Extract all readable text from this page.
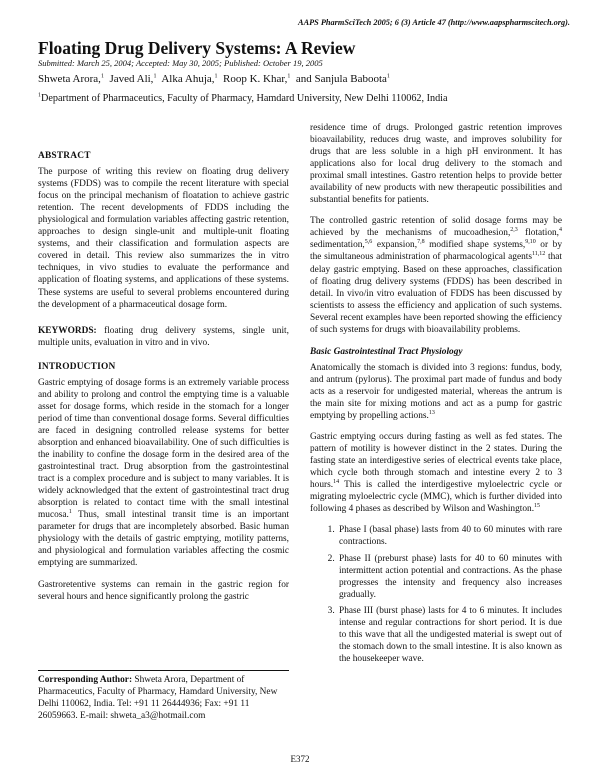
AAPS PharmSciTech 2005; 6 (3) Article 47 (http://www.aapspharmscitech.org).
Floating Drug Delivery Systems: A Review
Submitted: March 25, 2004; Accepted: May 30, 2005; Published: October 19, 2005
Shweta Arora,$^1$ Javed Ali,$^1$ Alka Ahuja,$^1$ Roop K. Khar,$^1$ and Sanjula Baboota$^1$
$^1$Department of Pharmaceutics, Faculty of Pharmacy, Hamdard University, New Delhi 110062, India
ABSTRACT

The purpose of writing this review on floating drug delivery systems (FDDS) was to compile the recent literature with special focus on the principal mechanism of floatation to achieve gastric retention. The recent developments of FDDS including the physiological and formulation variables affecting gastric retention, approaches to design single-unit and multiple-unit floating systems, and their classification and formulation aspects are covered in detail. This review also summarizes the in vitro techniques, in vivo studies to evaluate the performance and application of floating systems, and applications of these systems. These systems are useful to several problems encountered during the development of a pharmaceutical dosage form.

KEYWORDS: floating drug delivery systems, single unit, multiple units, evaluation in vitro and in vivo.

INTRODUCTION

Gastric emptying of dosage forms is an extremely variable process and ability to prolong and control the emptying time is a valuable asset for dosage forms, which reside in the stomach for a longer period of time than conventional dosage forms. Several difficulties are faced in designing controlled release systems for better absorption and enhanced bioavailability. One of such difficulties is the inability to confine the dosage form in the desired area of the gastrointestinal tract. Drug absorption from the gastrointestinal tract is a complex procedure and is subject to many variables. It is widely acknowledged that the extent of gastrointestinal tract drug absorption is related to contact time with the small intestinal mucosa.$^1$ Thus, small intestinal transit time is an important parameter for drugs that are incompletely absorbed. Basic human physiology with the details of gastric emptying, motility patterns, and physiological and formulation variables affecting the cosmic emptying are summarized.

Gastroretentive systems can remain in the gastric region for several hours and hence significantly prolong the gastric

Corresponding Author: Shweta Arora, Department of Pharmaceutics, Faculty of Pharmacy, Hamdard University, New Delhi 110062, India. Tel: +91 11 26444936; Fax: +91 11 26059663. E-mail: shweta_a3@hotmail.com

residence time of drugs. Prolonged gastric retention improves bioavailability, reduces drug waste, and improves solubility for drugs that are less soluble in a high pH environment. It has applications also for local drug delivery to the stomach and proximal small intestines. Gastro retention helps to provide better availability of new products with new therapeutic possibilities and substantial benefits for patients.

The controlled gastric retention of solid dosage forms may be achieved by the mechanisms of mucoadhesion,$^{2,3}$ flotation,$^4$ sedimentation,$^{5,6}$ expansion,$^{7,8}$ modified shape systems,$^{9,10}$ or by the simultaneous administration of pharmacological agents$^{11,12}$ that delay gastric emptying. Based on these approaches, classification of floating drug delivery systems (FDDS) has been described in detail. In vivo/in vitro evaluation of FDDS has been discussed by scientists to assess the efficiency and application of such systems. Several recent examples have been reported showing the efficiency of such systems for drugs with bioavailability problems.

Basic Gastrointestinal Tract Physiology

Anatomically the stomach is divided into 3 regions: fundus, body, and antrum (pylorus). The proximal part made of fundus and body acts as a reservoir for undigested material, whereas the antrum is the main site for mixing motions and act as a pump for gastric emptying by propelling actions.$^{13}$

Gastric emptying occurs during fasting as well as fed states. The pattern of motility is however distinct in the 2 states. During the fasting state an interdigestive series of electrical events take place, which cycle both through stomach and intestine every 2 to 3 hours.$^{14}$ This is called the interdigestive myloelectric cycle or migrating myloelectric cycle (MMC), which is further divided into following 4 phases as described by Wilson and Washington.$^{15}$

1. Phase I (basal phase) lasts from 40 to 60 minutes with rare contractions.
2. Phase II (preburst phase) lasts for 40 to 60 minutes with intermittent action potential and contractions. As the phase progresses the intensity and frequency also increases gradually.
3. Phase III (burst phase) lasts for 4 to 6 minutes. It includes intense and regular contractions for short period. It is due to this wave that all the undigested material is swept out of the stomach down to the small intestine. It is also known as the housekeeper wave.
E372
